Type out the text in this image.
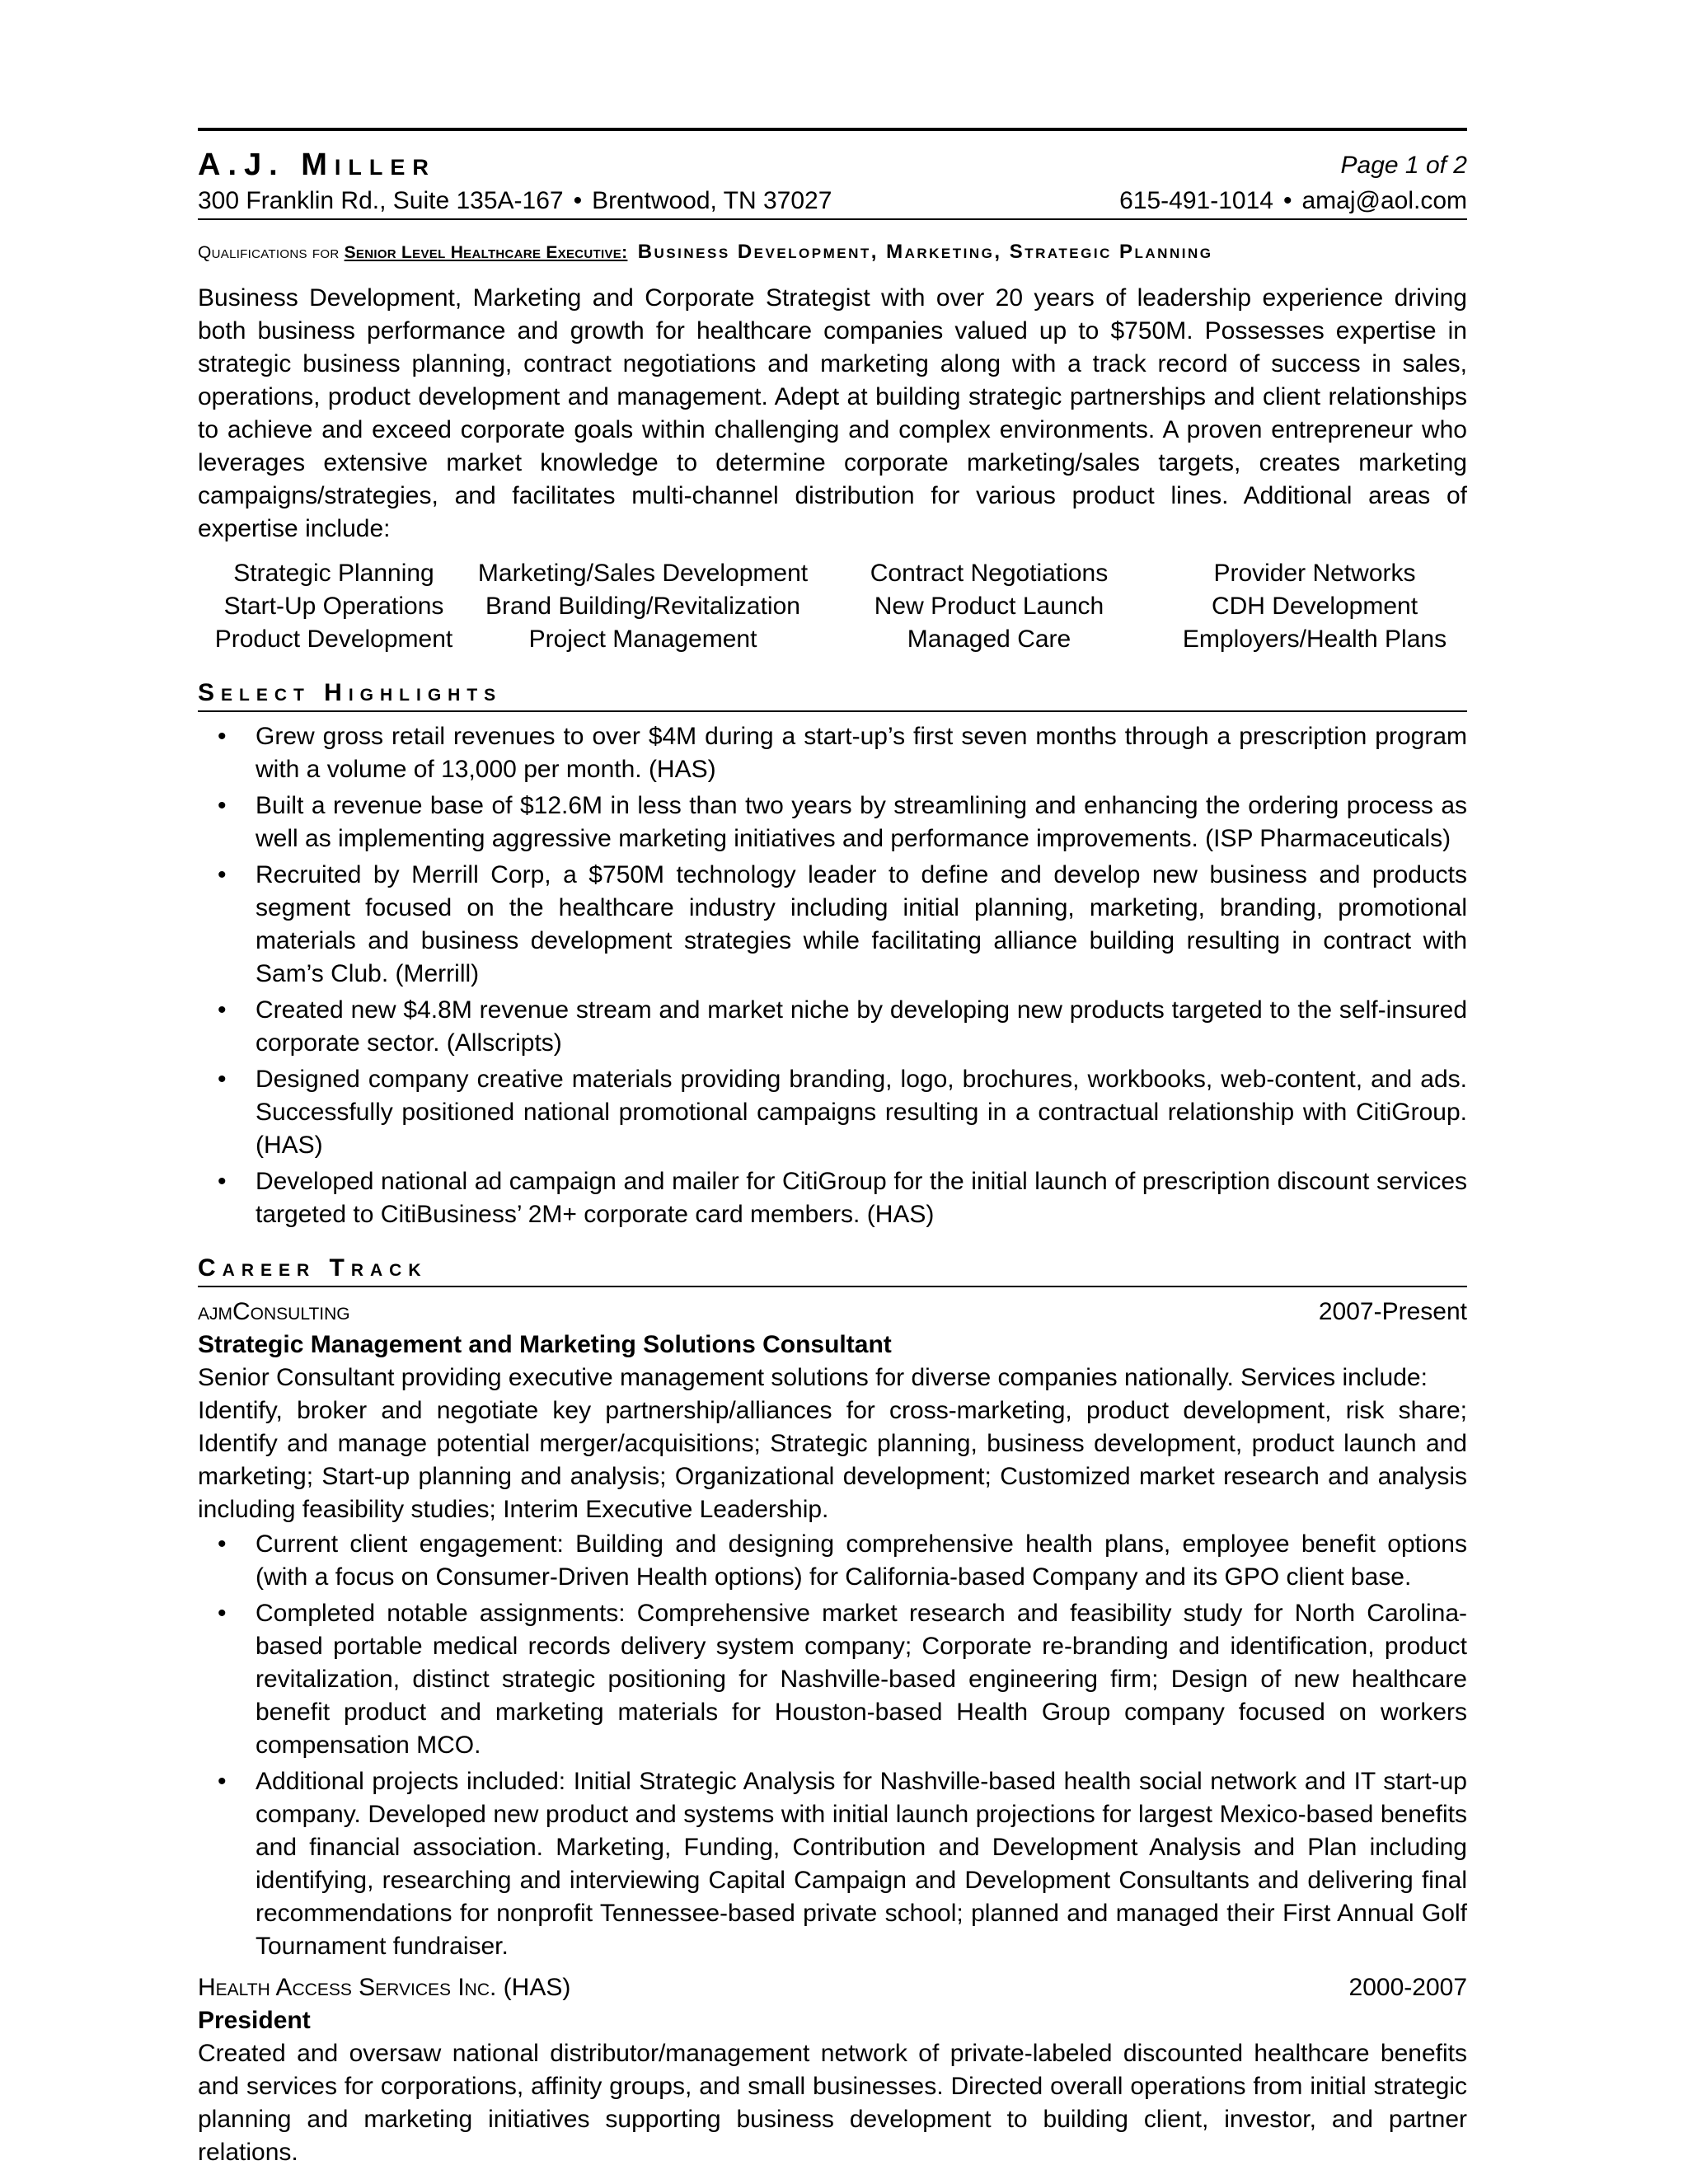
A.J. Miller	Page 1 of 2
300 Franklin Rd., Suite 135A-167 • Brentwood, TN 37027	615-491-1014 • amaj@aol.com
Qualifications for Senior Level Healthcare Executive: Business Development, Marketing, Strategic Planning
Business Development, Marketing and Corporate Strategist with over 20 years of leadership experience driving both business performance and growth for healthcare companies valued up to $750M. Possesses expertise in strategic business planning, contract negotiations and marketing along with a track record of success in sales, operations, product development and management. Adept at building strategic partnerships and client relationships to achieve and exceed corporate goals within challenging and complex environments. A proven entrepreneur who leverages extensive market knowledge to determine corporate marketing/sales targets, creates marketing campaigns/strategies, and facilitates multi-channel distribution for various product lines. Additional areas of expertise include:
Strategic Planning	Marketing/Sales Development	Contract Negotiations	Provider Networks
Start-Up Operations	Brand Building/Revitalization	New Product Launch	CDH Development
Product Development	Project Management	Managed Care	Employers/Health Plans
Select Highlights
• Grew gross retail revenues to over $4M during a start-up’s first seven months through a prescription program with a volume of 13,000 per month. (HAS)
• Built a revenue base of $12.6M in less than two years by streamlining and enhancing the ordering process as well as implementing aggressive marketing initiatives and performance improvements. (ISP Pharmaceuticals)
• Recruited by Merrill Corp, a $750M technology leader to define and develop new business and products segment focused on the healthcare industry including initial planning, marketing, branding, promotional materials and business development strategies while facilitating alliance building resulting in contract with Sam’s Club. (Merrill)
• Created new $4.8M revenue stream and market niche by developing new products targeted to the self-insured corporate sector. (Allscripts)
• Designed company creative materials providing branding, logo, brochures, workbooks, web-content, and ads. Successfully positioned national promotional campaigns resulting in a contractual relationship with CitiGroup. (HAS)
• Developed national ad campaign and mailer for CitiGroup for the initial launch of prescription discount services targeted to CitiBusiness’ 2M+ corporate card members. (HAS)
Career Track
ajmConsulting	2007-Present
Strategic Management and Marketing Solutions Consultant
Senior Consultant providing executive management solutions for diverse companies nationally. Services include:
Identify, broker and negotiate key partnership/alliances for cross-marketing, product development, risk share; Identify and manage potential merger/acquisitions; Strategic planning, business development, product launch and marketing; Start-up planning and analysis; Organizational development; Customized market research and analysis including feasibility studies; Interim Executive Leadership.
• Current client engagement: Building and designing comprehensive health plans, employee benefit options (with a focus on Consumer-Driven Health options) for California-based Company and its GPO client base.
• Completed notable assignments: Comprehensive market research and feasibility study for North Carolina-based portable medical records delivery system company; Corporate re-branding and identification, product revitalization, distinct strategic positioning for Nashville-based engineering firm; Design of new healthcare benefit product and marketing materials for Houston-based Health Group company focused on workers compensation MCO.
• Additional projects included: Initial Strategic Analysis for Nashville-based health social network and IT start-up company. Developed new product and systems with initial launch projections for largest Mexico-based benefits and financial association. Marketing, Funding, Contribution and Development Analysis and Plan including identifying, researching and interviewing Capital Campaign and Development Consultants and delivering final recommendations for nonprofit Tennessee-based private school; planned and managed their First Annual Golf Tournament fundraiser.
Health Access Services Inc. (HAS)	2000-2007
President
Created and oversaw national distributor/management network of private-labeled discounted healthcare benefits and services for corporations, affinity groups, and small businesses. Directed overall operations from initial strategic planning and marketing initiatives supporting business development to building client, investor, and partner relations.
